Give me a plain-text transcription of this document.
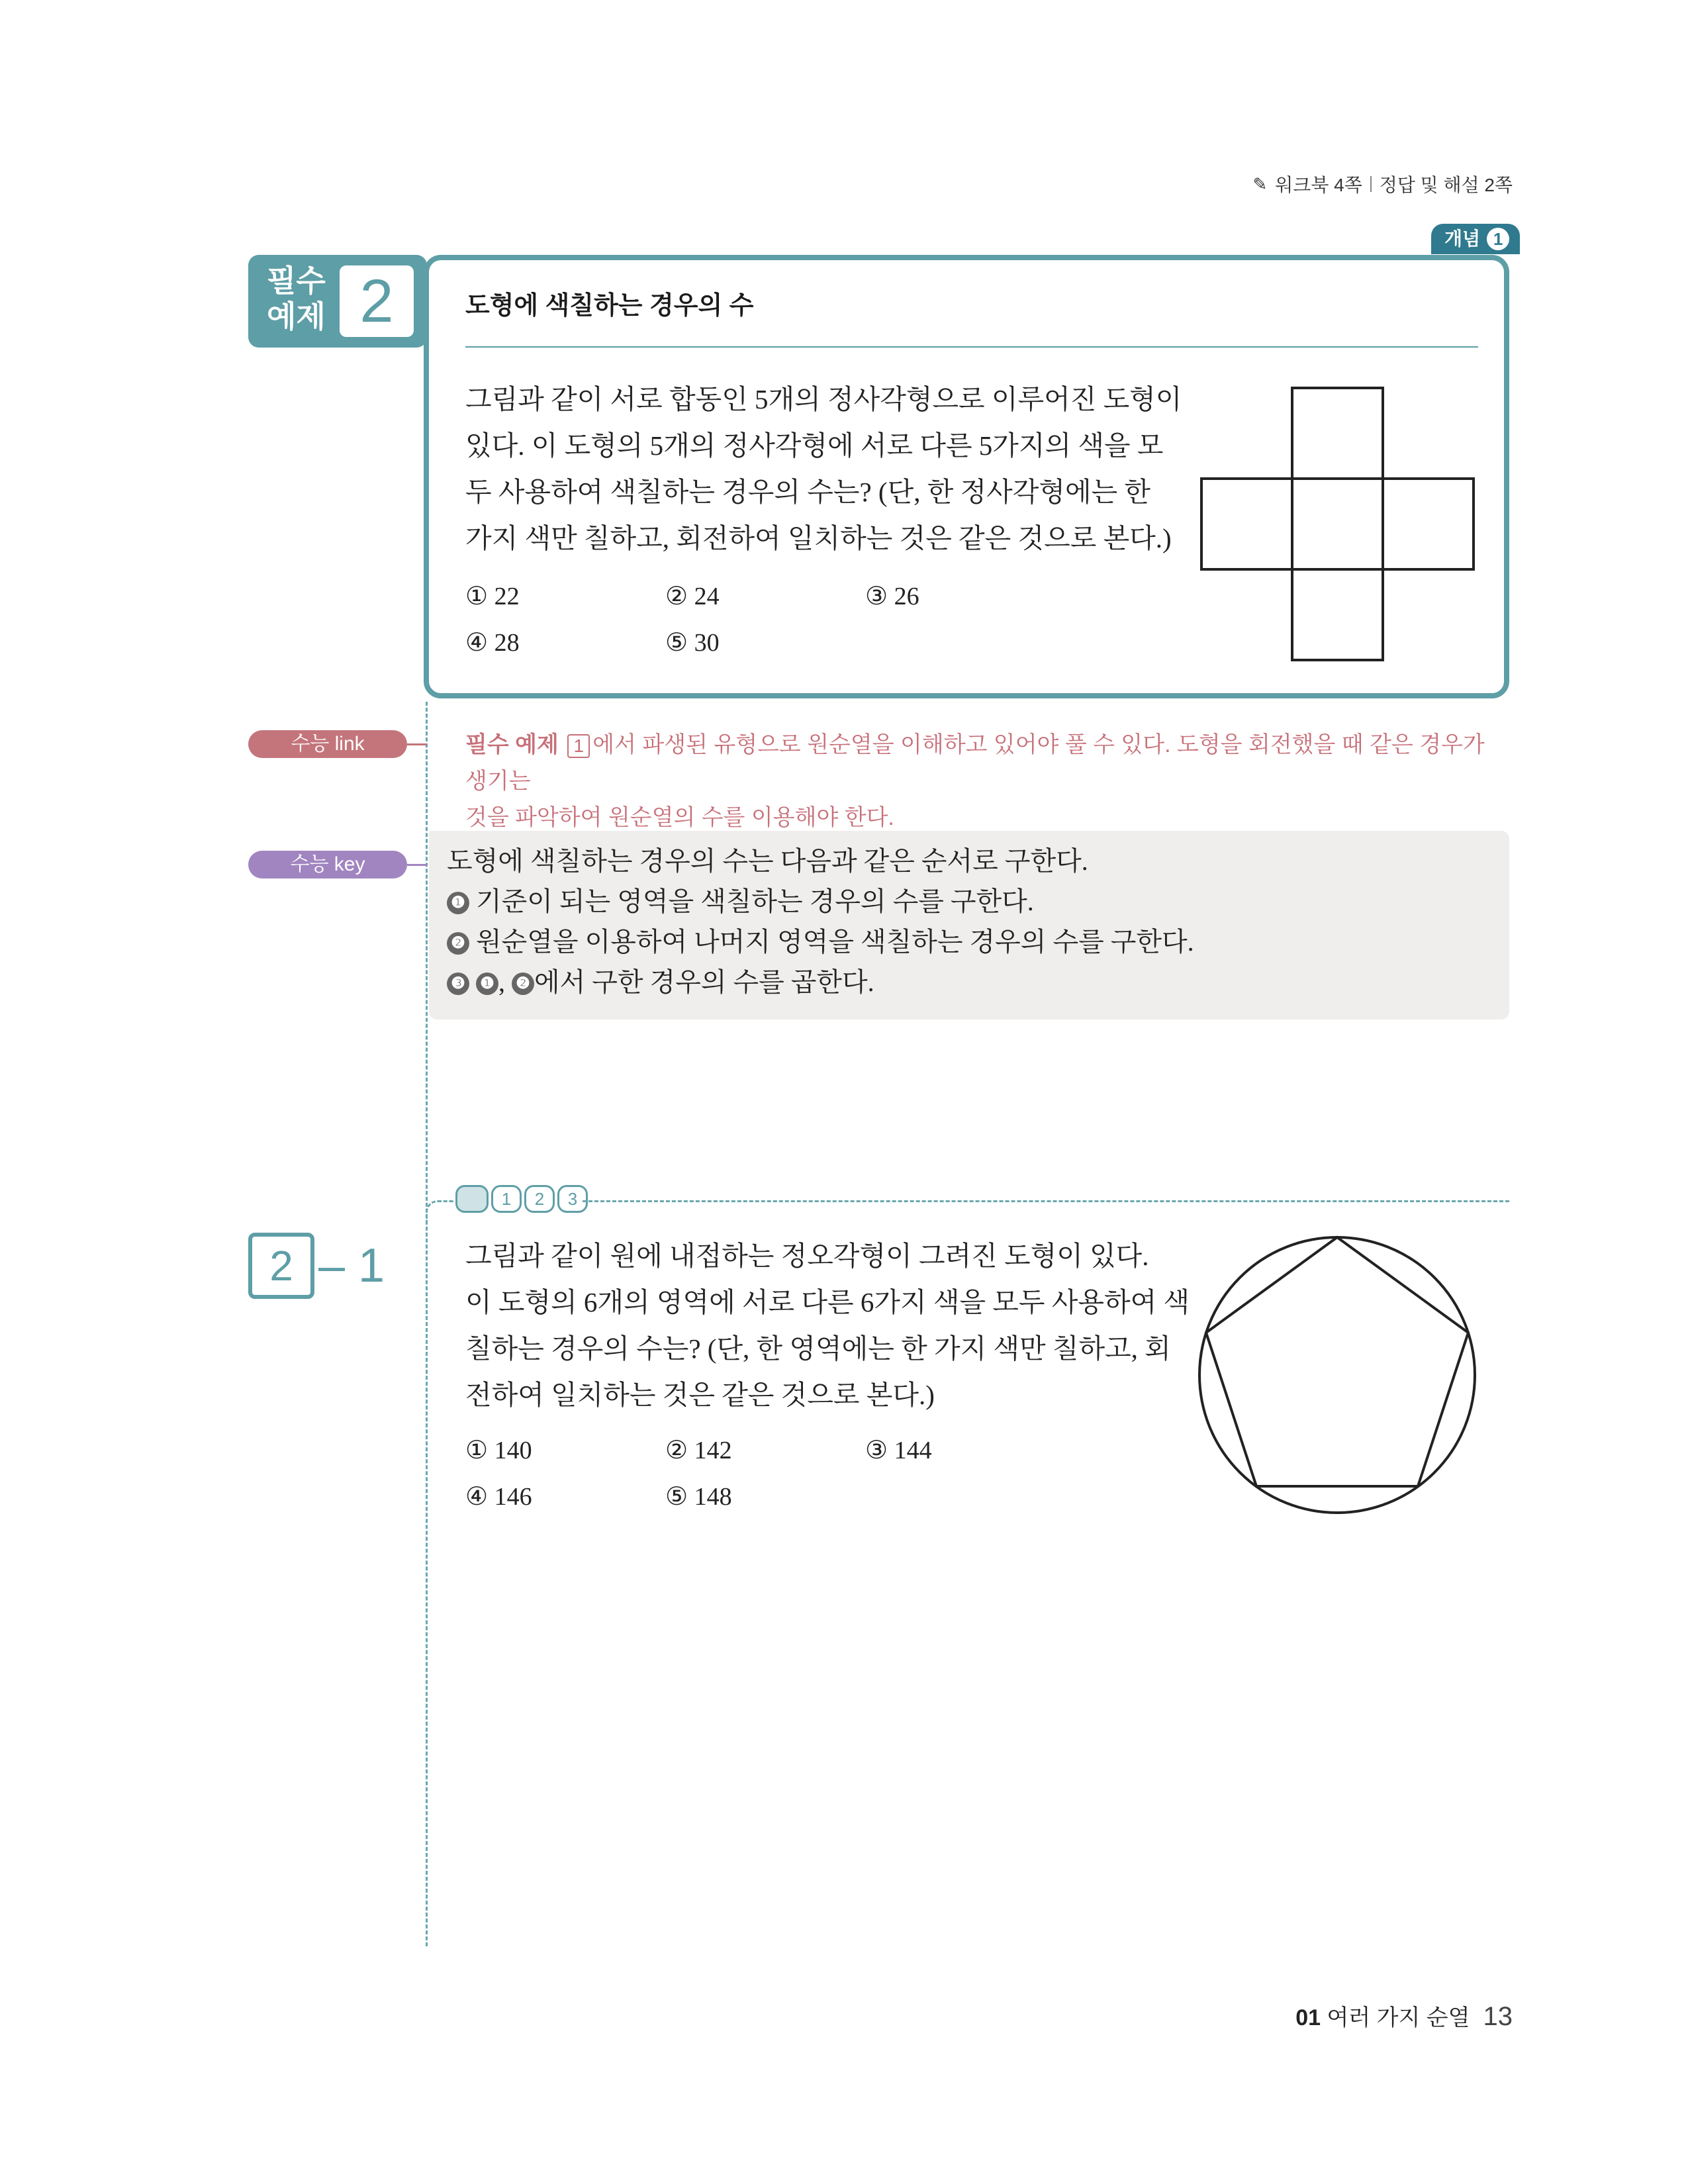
✎ 워크북 4쪽 정답 및 해설 2쪽
필수
예제 2
개념 1
도형에 색칠하는 경우의 수
그림과 같이 서로 합동인 5개의 정사각형으로 이루어진 도형이
있다. 이 도형의 5개의 정사각형에 서로 다른 5가지의 색을 모
두 사용하여 색칠하는 경우의 수는? (단, 한 정사각형에는 한
가지 색만 칠하고, 회전하여 일치하는 것은 같은 것으로 본다.)
① 22	② 24	③ 26
④ 28	⑤ 30
수능 link	필수 예제 1 에서 파생된 유형으로 원순열을 이해하고 있어야 풀 수 있다. 도형을 회전했을 때 같은 경우가 생기는
것을 파악하여 원순열의 수를 이용해야 한다.
수능 key	도형에 색칠하는 경우의 수는 다음과 같은 순서로 구한다.
❶ 기준이 되는 영역을 색칠하는 경우의 수를 구한다.
❷ 원순열을 이용하여 나머지 영역을 색칠하는 경우의 수를 구한다.
❸ ❶ , ❷ 에서 구한 경우의 수를 곱한다.
1	2	3
2 – 1	그림과 같이 원에 내접하는 정오각형이 그려진 도형이 있다.
이 도형의 6개의 영역에 서로 다른 6가지 색을 모두 사용하여 색
칠하는 경우의 수는? (단, 한 영역에는 한 가지 색만 칠하고, 회
전하여 일치하는 것은 같은 것으로 본다.)
① 140	② 142	③ 144
④ 146	⑤ 148
01 여러 가지 순열 13
